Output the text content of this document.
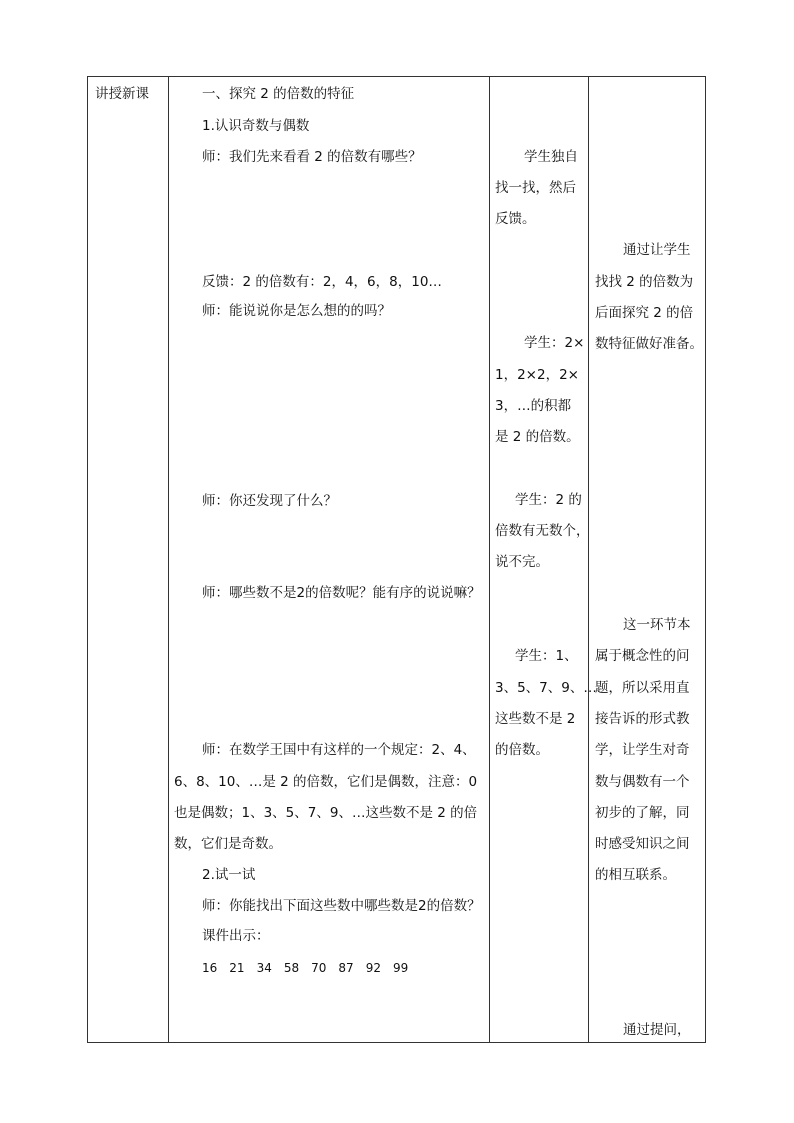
讲授新课	一、探究 2 的倍数的特征
1.认识奇数与偶数
师：我们先来看看 2 的倍数有哪些？
反馈：2 的倍数有：2，4，6，8，10…
师：能说说你是怎么想的的吗？
师：你还发现了什么？
师：哪些数不是2的倍数呢？能有序的说说嘛？
师：在数学王国中有这样的一个规定：2、4、
6、8、10、…是 2 的倍数，它们是偶数，注意：0
也是偶数；1、3、5、7、9、…这些数不是 2 的倍
数，它们是奇数。
2.试一试
师：你能找出下面这些数中哪些数是2的倍数？
课件出示：
16 21 34 58 70 87 92 99
学生独自
找一找，然后
反馈。
学生：2×
1，2×2，2×
3，…的积都
是 2 的倍数。
学生：2 的
倍数有无数个，
说不完。
学生：1、
3、5、7、9、…
这些数不是 2
的倍数。
通过让学生
找找 2 的倍数为
后面探究 2 的倍
数特征做好准备。
这一环节本
属于概念性的问
题，所以采用直
接告诉的形式教
学，让学生对奇
数与偶数有一个
初步的了解，同
时感受知识之间
的相互联系。
通过提问，
